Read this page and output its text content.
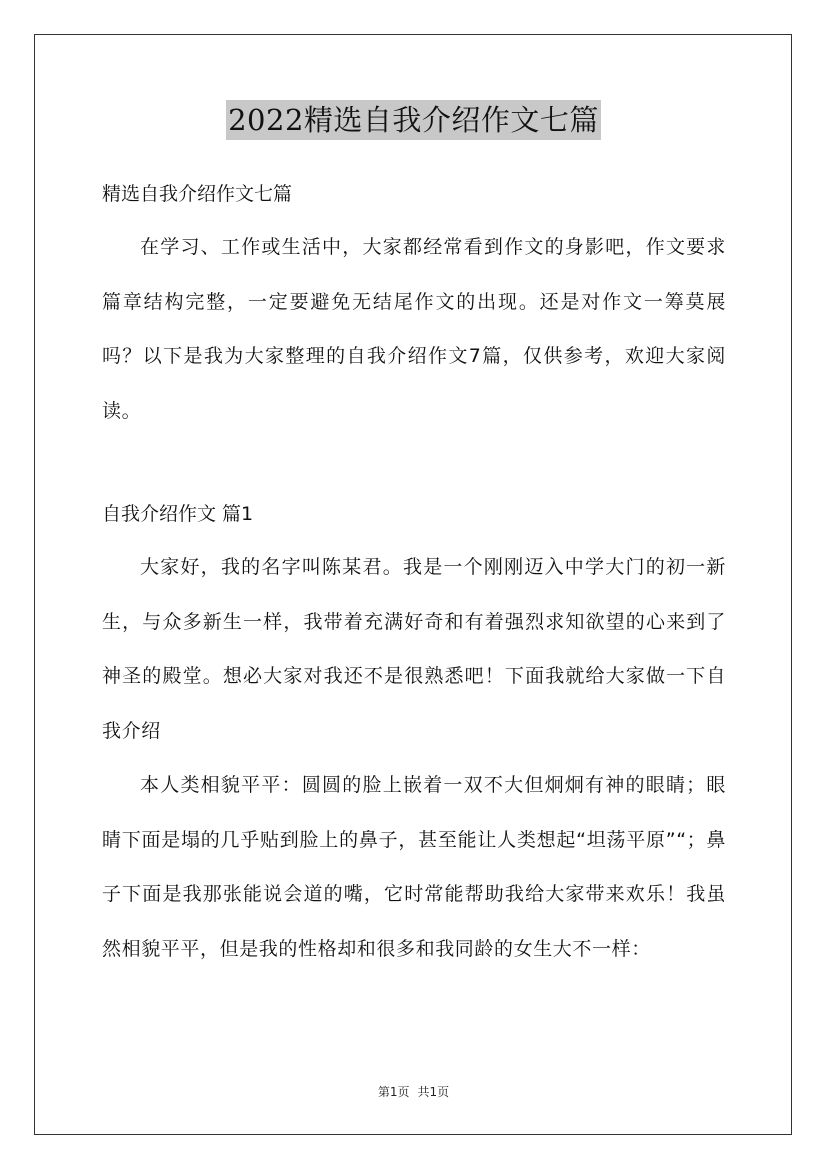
2022精选自我介绍作文七篇

精选自我介绍作文七篇

在学习、工作或生活中，大家都经常看到作文的身影吧，作文要求篇章结构完整，一定要避免无结尾作文的出现。还是对作文一筹莫展吗？以下是我为大家整理的自我介绍作文7篇，仅供参考，欢迎大家阅读。

自我介绍作文 篇1

大家好，我的名字叫陈某君。我是一个刚刚迈入中学大门的初一新生，与众多新生一样，我带着充满好奇和有着强烈求知欲望的心来到了神圣的殿堂。想必大家对我还不是很熟悉吧！下面我就给大家做一下自我介绍

本人类相貌平平：圆圆的脸上嵌着一双不大但炯炯有神的眼睛；眼睛下面是塌的几乎贴到脸上的鼻子，甚至能让人类想起“坦荡平原”“；鼻子下面是我那张能说会道的嘴，它时常能帮助我给大家带来欢乐！我虽然相貌平平，但是我的性格却和很多和我同龄的女生大不一样：

第1页 共1页
